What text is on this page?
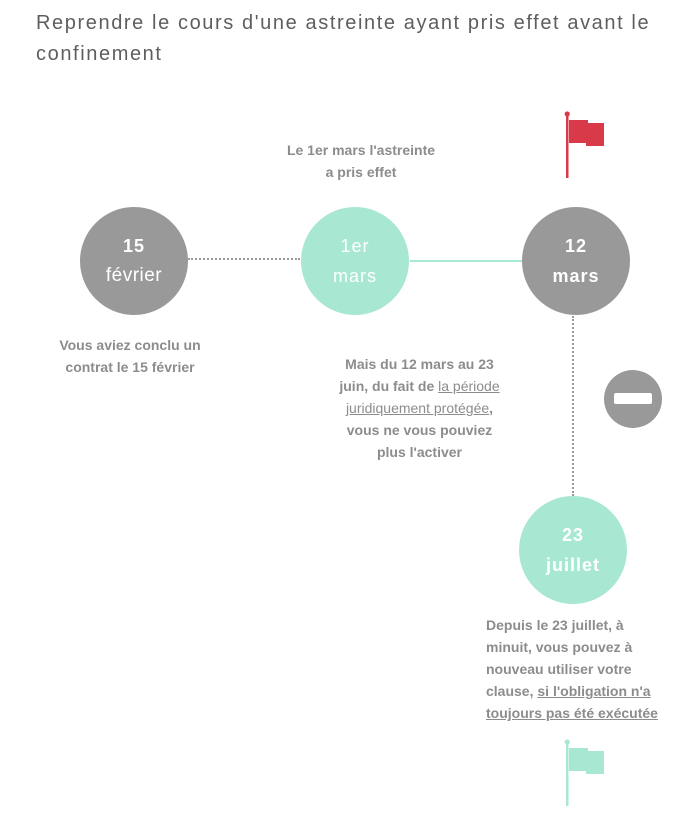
Reprendre le cours d'une astreinte ayant pris effet avant le confinement
15
février
1er
mars
12
mars
23
juillet
Le 1er mars l'astreinte
a pris effet
Vous aviez conclu un
contrat le 15 février	Mais du 12 mars au 23 juin, du fait de la période juridiquement protégée, vous ne vous pouviez plus l'activer
Depuis le 23 juillet, à minuit, vous pouvez à nouveau utiliser votre clause, si l'obligation n'a toujours pas été exécutée
